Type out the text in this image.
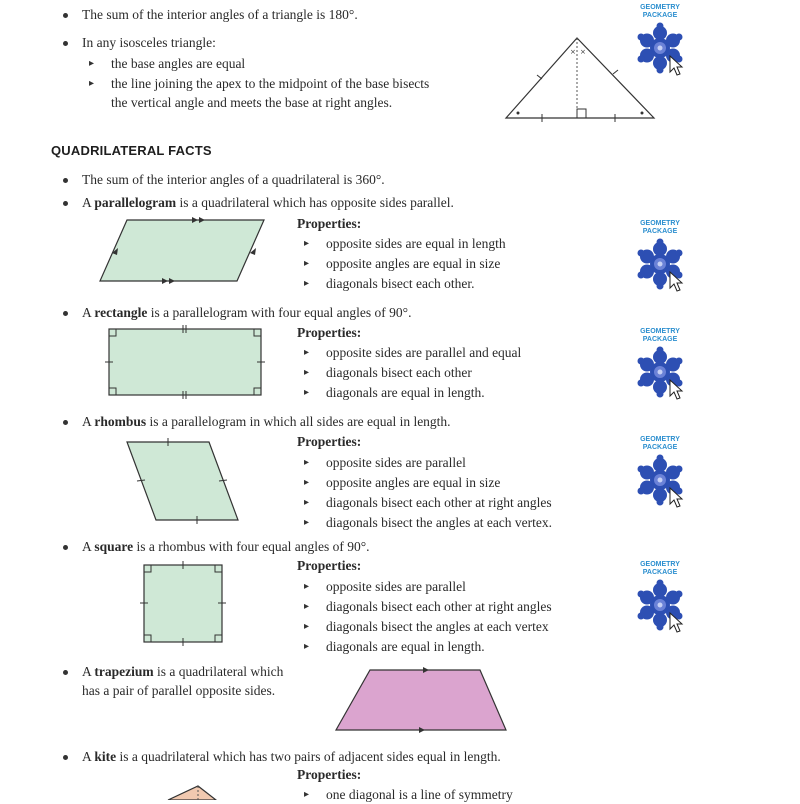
The sum of the interior angles of a triangle is 180°.
In any isosceles triangle:
▸ the base angles are equal
▸ the line joining the apex to the midpoint of the base bisects
the vertical angle and meets the base at right angles.
× ×
GEOMETRY
PACKAGE
QUADRILATERAL FACTS
The sum of the interior angles of a quadrilateral is 360°.
A parallelogram is a quadrilateral which has opposite sides parallel.
Properties:
▸ opposite sides are equal in length
▸ opposite angles are equal in size
▸ diagonals bisect each other.
GEOMETRY
PACKAGE
A rectangle is a parallelogram with four equal angles of 90°.
Properties:
▸ opposite sides are parallel and equal
▸ diagonals bisect each other
▸ diagonals are equal in length.
GEOMETRY
PACKAGE
A rhombus is a parallelogram in which all sides are equal in length.
Properties:
▸ opposite sides are parallel
▸ opposite angles are equal in size
▸ diagonals bisect each other at right angles
▸ diagonals bisect the angles at each vertex.
GEOMETRY
PACKAGE
A square is a rhombus with four equal angles of 90°.
Properties:
▸ opposite sides are parallel
▸ diagonals bisect each other at right angles
▸ diagonals bisect the angles at each vertex
▸ diagonals are equal in length.
GEOMETRY
PACKAGE
A trapezium is a quadrilateral which
has a pair of parallel opposite sides.
A kite is a quadrilateral which has two pairs of adjacent sides equal in length.
Properties:
▸ one diagonal is a line of symmetry
